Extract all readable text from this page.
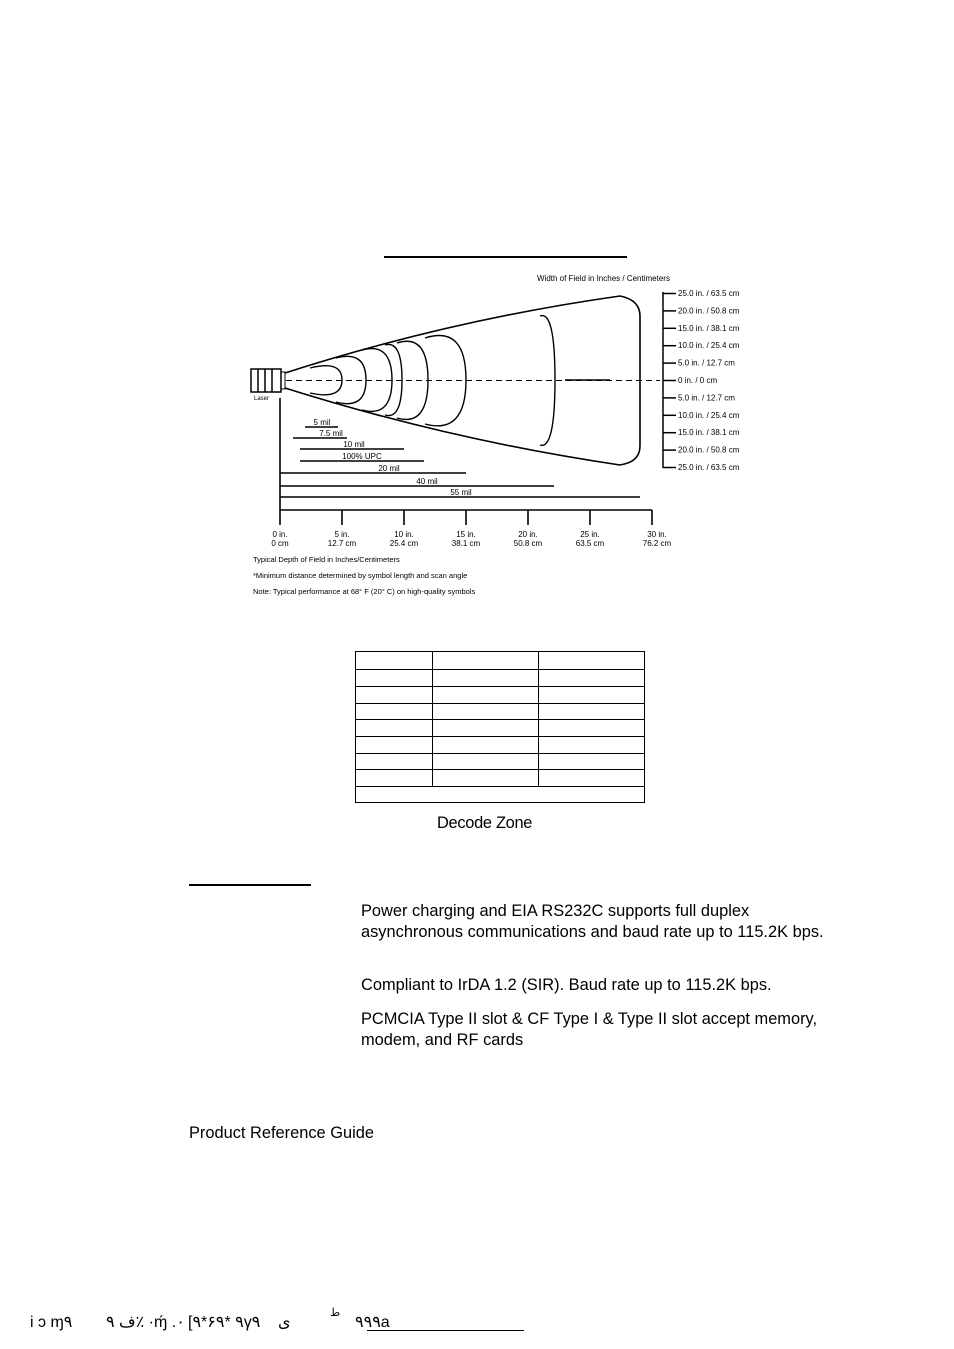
Width of Field in Inches / Centimeters
Laser
25.0 in. / 63.5 cm
20.0 in. / 50.8 cm
15.0 in. / 38.1 cm
10.0 in. / 25.4 cm
5.0 in. / 12.7 cm
0 in. / 0 cm
5.0 in. / 12.7 cm
10.0 in. / 25.4 cm
15.0 in. / 38.1 cm
20.0 in. / 50.8 cm
25.0 in. / 63.5 cm
5 mil
7.5 mil
10 mil
100% UPC
20 mil
40 mil
55 mil
0 in.
0 cm
5 in.
12.7 cm
10 in.
25.4 cm
15 in.
38.1 cm
20 in.
50.8 cm
25 in.
63.5 cm
30 in.
76.2 cm
Typical Depth of Field in Inches/Centimeters
*Minimum distance determined by symbol length and scan angle
Note: Typical performance at 68° F (20° C) on high-quality symbols
Decode Zone
Power charging and EIA RS232C supports full duplex asynchronous communications and baud rate up to 115.2K bps.
Compliant to IrDA 1.2 (SIR). Baud rate up to 115.2K bps.
PCMCIA Type II slot & CF Type I & Type II slot accept memory, modem, and RF cards
Product Reference Guide
i ɔ ɱ٩ ف ٩٪ ·ɱ́ .٠ [٩*۶٩ *٩γ٩ ی
ط
٩٩٩a
